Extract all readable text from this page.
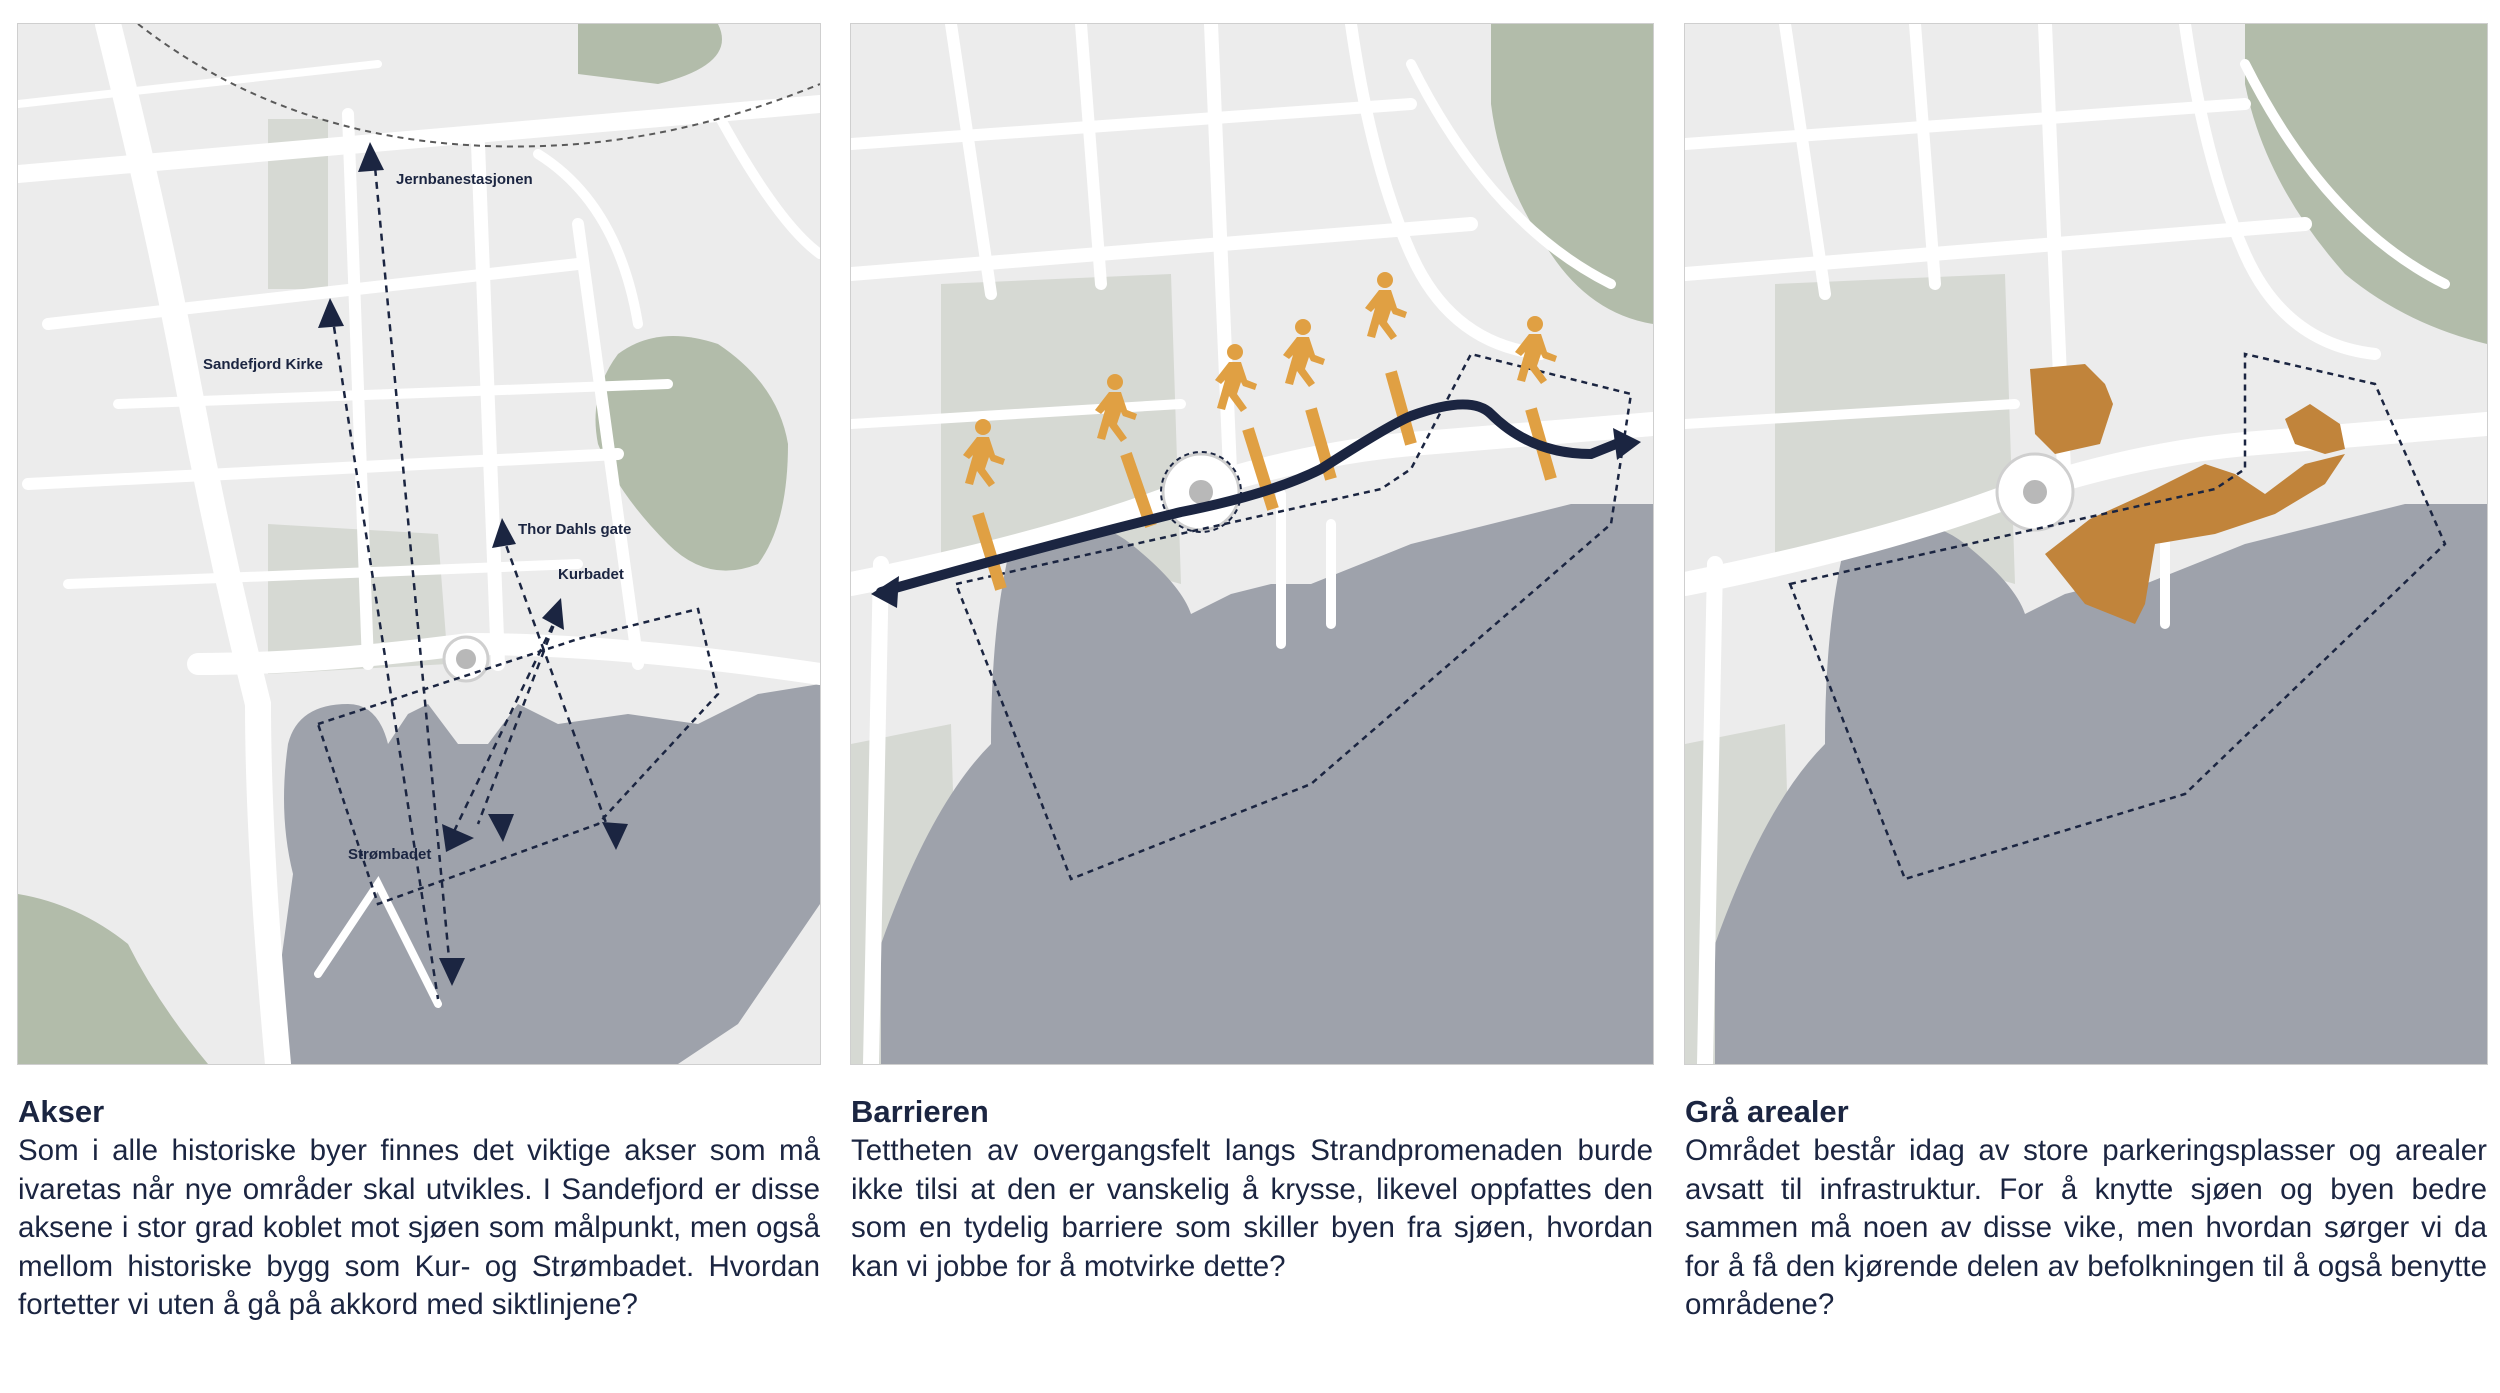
Jernbanestasjonen
Sandefjord Kirke
Thor Dahls gate
Kurbadet
Strømbadet

Akser

Som i alle historiske byer finnes det viktige akser som må ivaretas når nye områder skal utvikles. I Sandefjord er disse aksene i stor grad koblet mot sjøen som målpunkt, men også mellom historiske bygg som Kur- og Strømbadet. Hvordan fortetter vi uten å gå på akkord med siktlinjene?

Barrieren

Tettheten av overgangsfelt langs Strandpromenaden burde ikke tilsi at den er vanskelig å krysse, likevel oppfattes den som en tydelig barriere som skiller byen fra sjøen, hvordan kan vi jobbe for å motvirke dette?

Grå arealer

Området består idag av store parkeringsplasser og arealer avsatt til infrastruktur. For å knytte sjøen og byen bedre sammen må noen av disse vike, men hvordan sørger vi da for å få den kjørende delen av befolkningen til å også benytte områdene?
